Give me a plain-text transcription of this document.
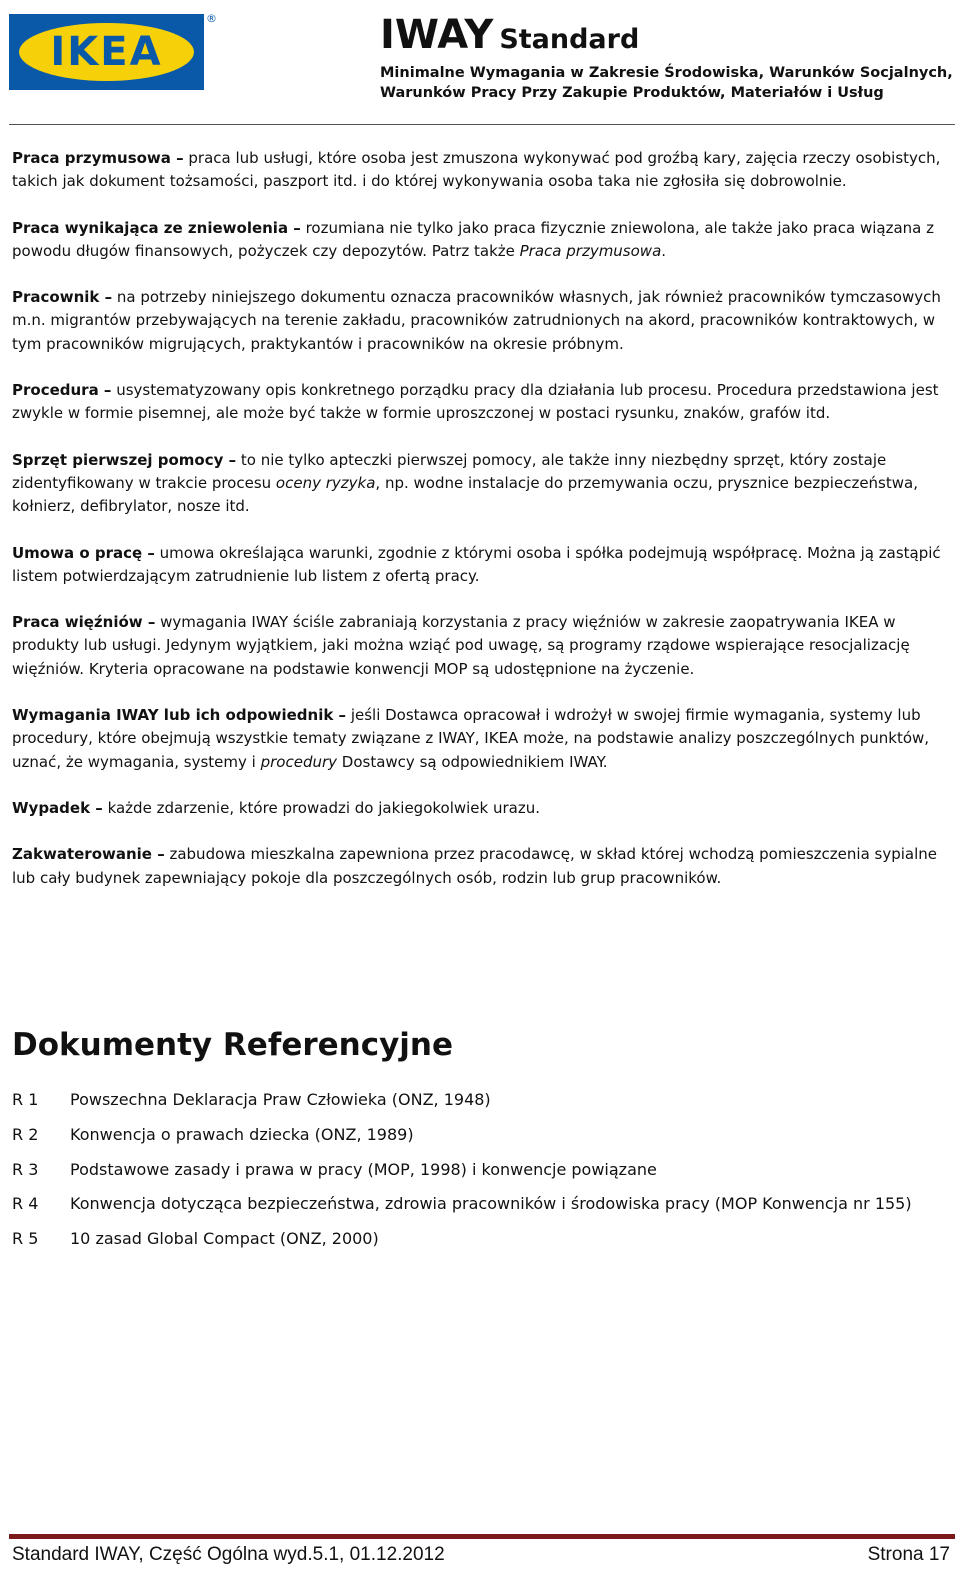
IKEA
®	IWAY Standard
Minimalne Wymagania w Zakresie Środowiska, Warunków Socjalnych,
Warunków Pracy Przy Zakupie Produktów, Materiałów i Usług

Praca przymusowa – praca lub usługi, które osoba jest zmuszona wykonywać pod groźbą kary, zajęcia rzeczy osobistych, takich jak dokument tożsamości, paszport itd. i do której wykonywania osoba taka nie zgłosiła się dobrowolnie.

Praca wynikająca ze zniewolenia – rozumiana nie tylko jako praca fizycznie zniewolona, ale także jako praca wiązana z powodu długów finansowych, pożyczek czy depozytów. Patrz także Praca przymusowa.

Pracownik – na potrzeby niniejszego dokumentu oznacza pracowników własnych, jak również pracowników tymczasowych m.n. migrantów przebywających na terenie zakładu, pracowników zatrudnionych na akord, pracowników kontraktowych, w tym pracowników migrujących, praktykantów i pracowników na okresie próbnym.

Procedura – usystematyzowany opis konkretnego porządku pracy dla działania lub procesu. Procedura przedstawiona jest zwykle w formie pisemnej, ale może być także w formie uproszczonej w postaci rysunku, znaków, grafów itd.

Sprzęt pierwszej pomocy – to nie tylko apteczki pierwszej pomocy, ale także inny niezbędny sprzęt, który zostaje zidentyfikowany w trakcie procesu oceny ryzyka, np. wodne instalacje do przemywania oczu, prysznice bezpieczeństwa, kołnierz, defibrylator, nosze itd.

Umowa o pracę – umowa określająca warunki, zgodnie z którymi osoba i spółka podejmują współpracę. Można ją zastąpić listem potwierdzającym zatrudnienie lub listem z ofertą pracy.

Praca więźniów – wymagania IWAY ściśle zabraniają korzystania z pracy więźniów w zakresie zaopatrywania IKEA w produkty lub usługi. Jedynym wyjątkiem, jaki można wziąć pod uwagę, są programy rządowe wspierające resocjalizację więźniów. Kryteria opracowane na podstawie konwencji MOP są udostępnione na życzenie.

Wymagania IWAY lub ich odpowiednik – jeśli Dostawca opracował i wdrożył w swojej firmie wymagania, systemy lub procedury, które obejmują wszystkie tematy związane z IWAY, IKEA może, na podstawie analizy poszczególnych punktów, uznać, że wymagania, systemy i procedury Dostawcy są odpowiednikiem IWAY.

Wypadek – każde zdarzenie, które prowadzi do jakiegokolwiek urazu.

Zakwaterowanie – zabudowa mieszkalna zapewniona przez pracodawcę, w skład której wchodzą pomieszczenia sypialne lub cały budynek zapewniający pokoje dla poszczególnych osób, rodzin lub grup pracowników.

Dokumenty Referencyjne
R 1	Powszechna Deklaracja Praw Człowieka (ONZ, 1948)
R 2	Konwencja o prawach dziecka (ONZ, 1989)
R 3	Podstawowe zasady i prawa w pracy (MOP, 1998) i konwencje powiązane
R 4	Konwencja dotycząca bezpieczeństwa, zdrowia pracowników i środowiska pracy (MOP Konwencja nr 155)
R 5	10 zasad Global Compact (ONZ, 2000)
Standard IWAY, Część Ogólna wyd.5.1, 01.12.2012	Strona 17
